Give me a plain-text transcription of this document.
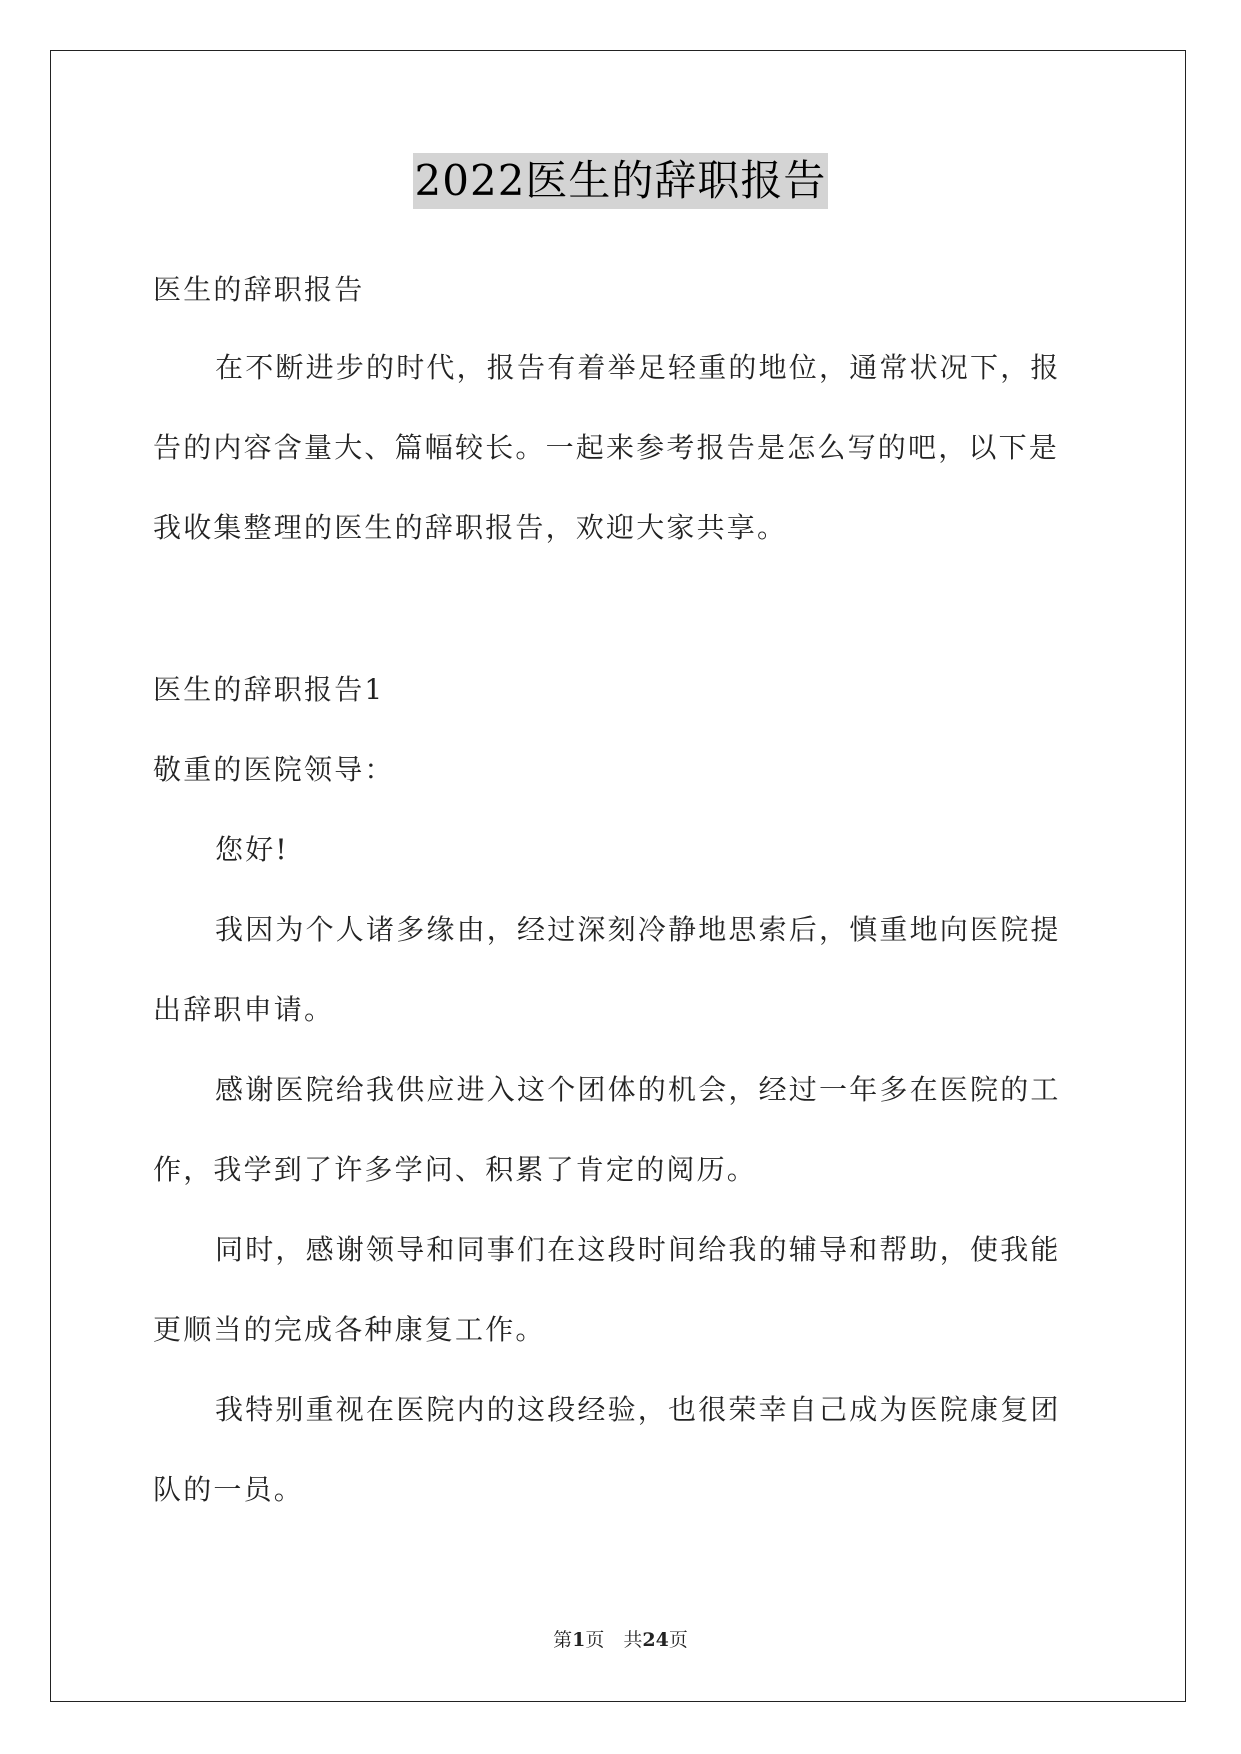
2022医生的辞职报告
医生的辞职报告
在不断进步的时代，报告有着举足轻重的地位，通常状况下，报
告的内容含量大、篇幅较长。一起来参考报告是怎么写的吧，以下是
我收集整理的医生的辞职报告，欢迎大家共享。
医生的辞职报告1
敬重的医院领导：
您好!
我因为个人诸多缘由，经过深刻冷静地思索后，慎重地向医院提
出辞职申请。
感谢医院给我供应进入这个团体的机会，经过一年多在医院的工
作，我学到了许多学问、积累了肯定的阅历。
同时，感谢领导和同事们在这段时间给我的辅导和帮助，使我能
更顺当的完成各种康复工作。
我特别重视在医院内的这段经验，也很荣幸自己成为医院康复团
队的一员。
第1页　共24页
